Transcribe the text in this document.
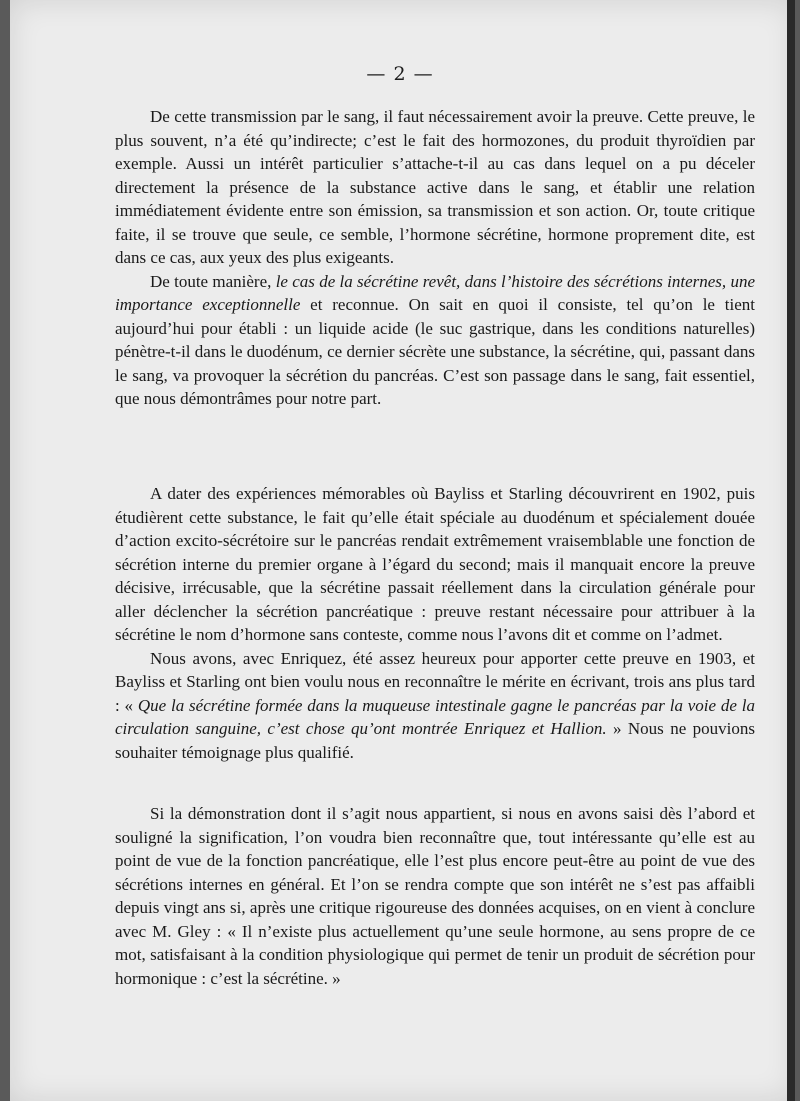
— 2 —

De cette transmission par le sang, il faut nécessairement avoir la preuve. Cette preuve, le plus souvent, n’a été qu’indirecte; c’est le fait des hormozones, du produit thyroïdien par exemple. Aussi un intérêt particulier s’attache-t-il au cas dans lequel on a pu déceler directement la présence de la substance active dans le sang, et établir une relation immédiatement évidente entre son émission, sa transmission et son action. Or, toute critique faite, il se trouve que seule, ce semble, l’hormone sécrétine, hormone proprement dite, est dans ce cas, aux yeux des plus exigeants.

De toute manière, le cas de la sécrétine revêt, dans l’histoire des sécrétions internes, une importance exceptionnelle et reconnue. On sait en quoi il consiste, tel qu’on le tient aujourd’hui pour établi : un liquide acide (le suc gastrique, dans les conditions naturelles) pénètre-t-il dans le duodénum, ce dernier sécrète une substance, la sécrétine, qui, passant dans le sang, va provoquer la sécrétion du pancréas. C’est son passage dans le sang, fait essentiel, que nous démontrâmes pour notre part.

A dater des expériences mémorables où Bayliss et Starling découvrirent en 1902, puis étudièrent cette substance, le fait qu’elle était spéciale au duodénum et spécialement douée d’action excito-sécrétoire sur le pancréas rendait extrêmement vraisemblable une fonction de sécrétion interne du premier organe à l’égard du second; mais il manquait encore la preuve décisive, irrécusable, que la sécrétine passait réellement dans la circulation générale pour aller déclencher la sécrétion pancréatique : preuve restant nécessaire pour attribuer à la sécrétine le nom d’hormone sans conteste, comme nous l’avons dit et comme on l’admet.

Nous avons, avec Enriquez, été assez heureux pour apporter cette preuve en 1903, et Bayliss et Starling ont bien voulu nous en reconnaître le mérite en écrivant, trois ans plus tard : « Que la sécrétine formée dans la muqueuse intestinale gagne le pancréas par la voie de la circulation sanguine, c’est chose qu’ont montrée Enriquez et Hallion. » Nous ne pouvions souhaiter témoignage plus qualifié.

Si la démonstration dont il s’agit nous appartient, si nous en avons saisi dès l’abord et souligné la signification, l’on voudra bien reconnaître que, tout intéressante qu’elle est au point de vue de la fonction pancréatique, elle l’est plus encore peut-être au point de vue des sécrétions internes en général. Et l’on se rendra compte que son intérêt ne s’est pas affaibli depuis vingt ans si, après une critique rigoureuse des données acquises, on en vient à conclure avec M. Gley : « Il n’existe plus actuellement qu’une seule hormone, au sens propre de ce mot, satisfaisant à la condition physiologique qui permet de tenir un produit de sécrétion pour hormonique : c’est la sécrétine. »
